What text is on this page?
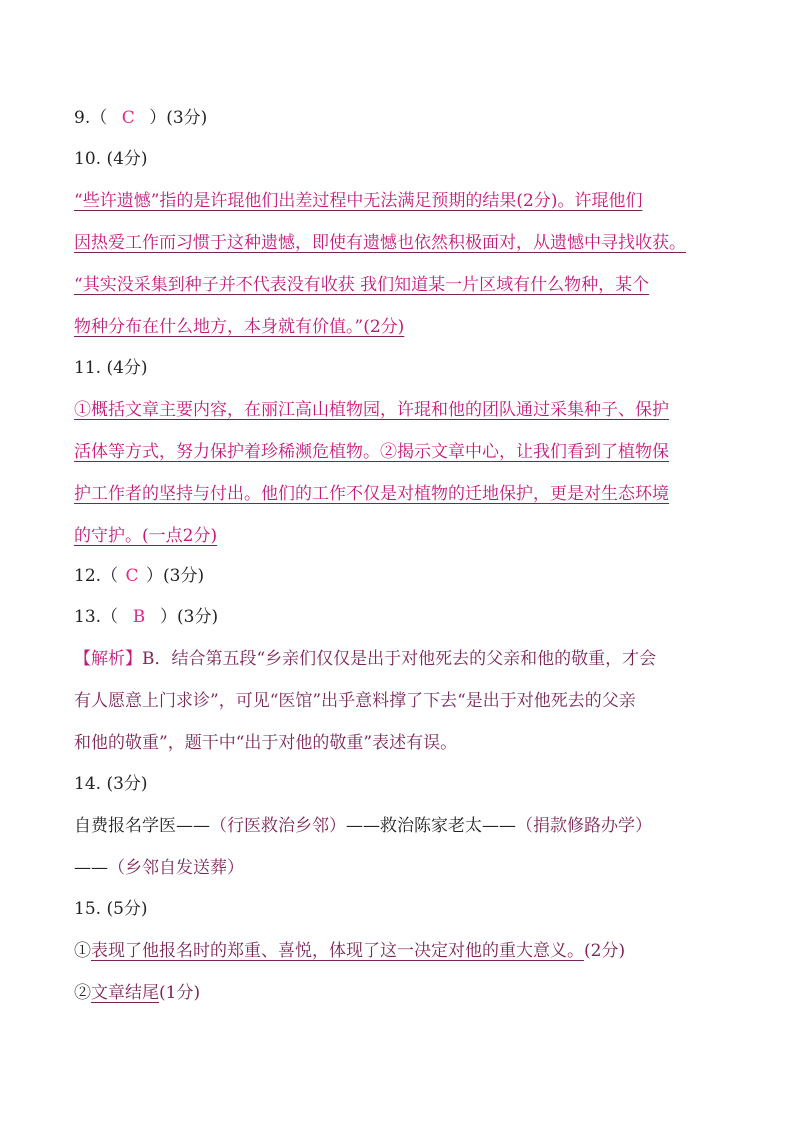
9.（ C ）(3分)
10. (4分)
“些许遗憾”指的是许琨他们出差过程中无法满足预期的结果(2分)。许琨他们
因热爱工作而习惯于这种遗憾，即使有遗憾也依然积极面对，从遗憾中寻找收获。
“其实没采集到种子并不代表没有收获 我们知道某一片区域有什么物种，某个
物种分布在什么地方，本身就有价值。”(2分)
11. (4分)
①概括文章主要内容，在丽江高山植物园，许琨和他的团队通过采集种子、保护
活体等方式，努力保护着珍稀濒危植物。②揭示文章中心，让我们看到了植物保
护工作者的坚持与付出。他们的工作不仅是对植物的迁地保护，更是对生态环境
的守护。(一点2分)
12.（ C ）(3分)
13.（ B ）(3分)
【解析】B．结合第五段“乡亲们仅仅是出于对他死去的父亲和他的敬重，才会
有人愿意上门求诊”，可见“医馆”出乎意料撑了下去“是出于对他死去的父亲
和他的敬重”，题干中“出于对他的敬重”表述有误。
14. (3分)
自费报名学医——（行医救治乡邻）——救治陈家老太——（捐款修路办学）
——（乡邻自发送葬）
15. (5分)
①表现了他报名时的郑重、喜悦，体现了这一决定对他的重大意义。(2分)
②文章结尾(1分)
